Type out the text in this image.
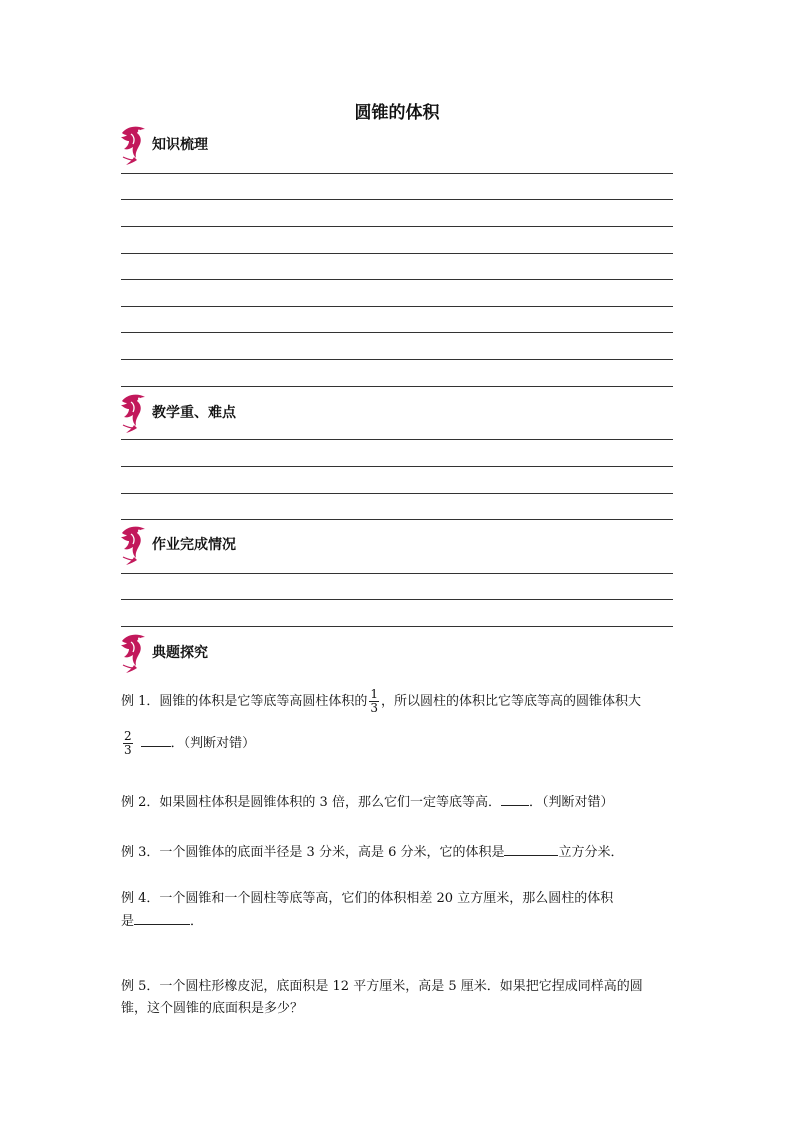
圆锥的体积
知识梳理
教学重、难点
作业完成情况
典题探究
例 1．圆锥的体积是它等底等高圆柱体积的 $\frac{1}{3}$ ，所以圆柱的体积比它等底等高的圆锥体积大
$\frac{2}{3}$	．（判断对错）
例 2．如果圆柱体积是圆锥体积的 3 倍，那么它们一定等底等高． ．（判断对错）
例 3．一个圆锥体的底面半径是 3 分米，高是 6 分米，它的体积是	立方分米．
例 4．一个圆锥和一个圆柱等底等高，它们的体积相差 20 立方厘米，那么圆柱的体积
是	．
例 5．一个圆柱形橡皮泥，底面积是 12 平方厘米，高是 5 厘米．如果把它捏成同样高的圆
锥，这个圆锥的底面积是多少？
